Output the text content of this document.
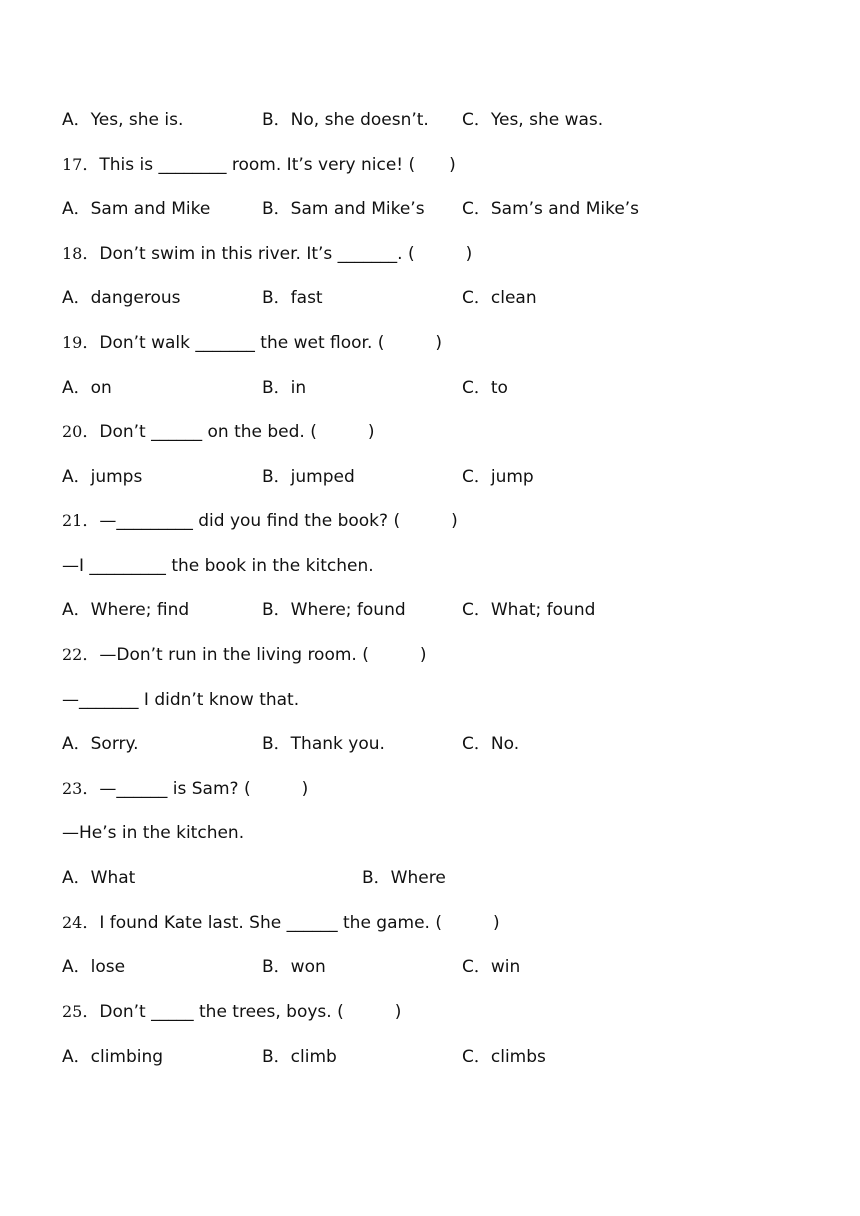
A．Yes, she is.	B．No, she doesn’t. C．Yes, she was.
17．This is ________ room. It’s very nice! (　　)
A．Sam and Mike	B．Sam and Mike’s C．Sam’s and Mike’s
18．Don’t swim in this river. It’s _______. (　　　)
A．dangerous	B．fast	C．clean
19．Don’t walk _______ the wet floor. (　　　)
A．on	B．in	C．to
20．Don’t ______ on the bed. (　　　)
A．jumps	B．jumped	C．jump
21．—_________ did you find the book? (　　　)
—I _________ the book in the kitchen.
A．Where; find	B．Where; found	C．What; found
22．—Don’t run in the living room. (　　　)
—_______ I didn’t know that.
A．Sorry.	B．Thank you.	C．No.
23．—______ is Sam? (　　　)
—He’s in the kitchen.
A．What	B．Where
24．I found Kate last. She ______ the game. (　　　)
A．lose	B．won	C．win
25．Don’t _____ the trees, boys. (　　　)
A．climbing	B．climb	C．climbs
